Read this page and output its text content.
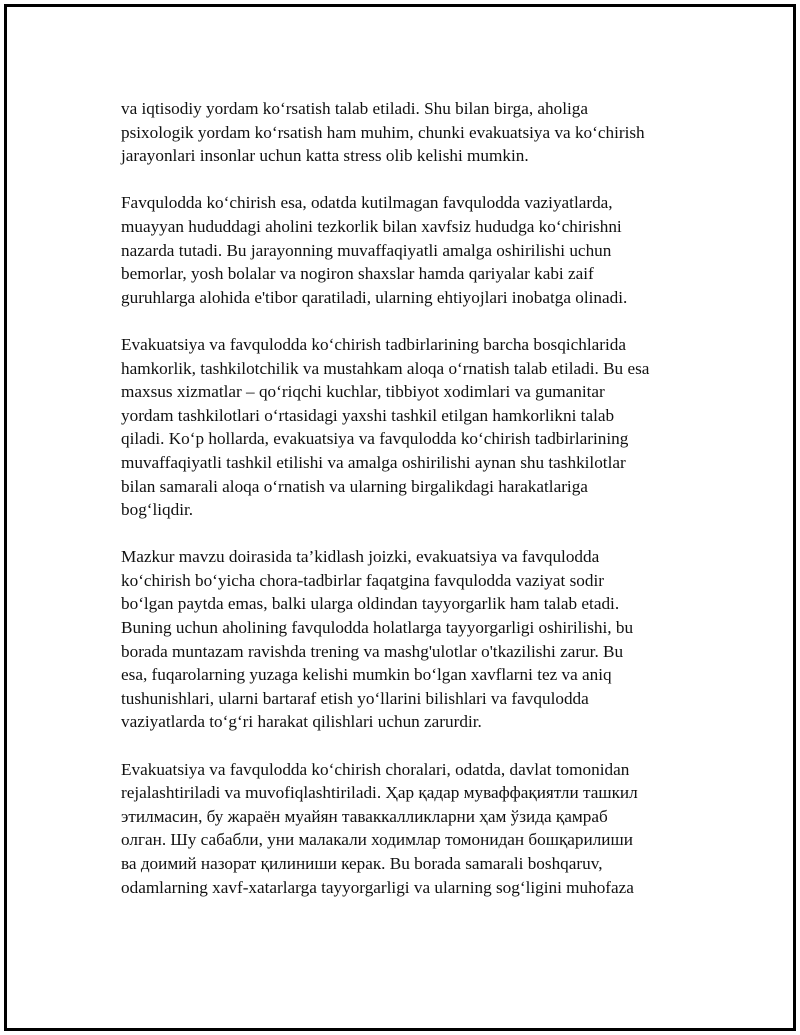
va iqtisodiy yordam ko‘rsatish talab etiladi. Shu bilan birga, aholiga
psixologik yordam ko‘rsatish ham muhim, chunki evakuatsiya va ko‘chirish
jarayonlari insonlar uchun katta stress olib kelishi mumkin.

Favqulodda ko‘chirish esa, odatda kutilmagan favqulodda vaziyatlarda,
muayyan hududdagi aholini tezkorlik bilan xavfsiz hududga ko‘chirishni
nazarda tutadi. Bu jarayonning muvaffaqiyatli amalga oshirilishi uchun
bemorlar, yosh bolalar va nogiron shaxslar hamda qariyalar kabi zaif
guruhlarga alohida e'tibor qaratiladi, ularning ehtiyojlari inobatga olinadi.

Evakuatsiya va favqulodda ko‘chirish tadbirlarining barcha bosqichlarida
hamkorlik, tashkilotchilik va mustahkam aloqa o‘rnatish talab etiladi. Bu esa
maxsus xizmatlar – qo‘riqchi kuchlar, tibbiyot xodimlari va gumanitar
yordam tashkilotlari o‘rtasidagi yaxshi tashkil etilgan hamkorlikni talab
qiladi. Ko‘p hollarda, evakuatsiya va favqulodda ko‘chirish tadbirlarining
muvaffaqiyatli tashkil etilishi va amalga oshirilishi aynan shu tashkilotlar
bilan samarali aloqa o‘rnatish va ularning birgalikdagi harakatlariga
bog‘liqdir.

Mazkur mavzu doirasida ta’kidlash joizki, evakuatsiya va favqulodda
ko‘chirish bo‘yicha chora-tadbirlar faqatgina favqulodda vaziyat sodir
bo‘lgan paytda emas, balki ularga oldindan tayyorgarlik ham talab etadi.
Buning uchun aholining favqulodda holatlarga tayyorgarligi oshirilishi, bu
borada muntazam ravishda trening va mashg'ulotlar o'tkazilishi zarur. Bu
esa, fuqarolarning yuzaga kelishi mumkin bo‘lgan xavflarni tez va aniq
tushunishlari, ularni bartaraf etish yo‘llarini bilishlari va favqulodda
vaziyatlarda to‘g‘ri harakat qilishlari uchun zarurdir.

Evakuatsiya va favqulodda ko‘chirish choralari, odatda, davlat tomonidan
rejalashtiriladi va muvofiqlashtiriladi. Ҳар қадар муваффақиятли ташкил
этилмасин, бу жараён муайян таваккалликларни ҳам ўзида қамраб
олган. Шу сабабли, уни малакали ходимлар томонидан бошқарилиши
ва доимий назорат қилиниши керак. Bu borada samarali boshqaruv,
odamlarning xavf-xatarlarga tayyorgarligi va ularning sog‘ligini muhofaza
